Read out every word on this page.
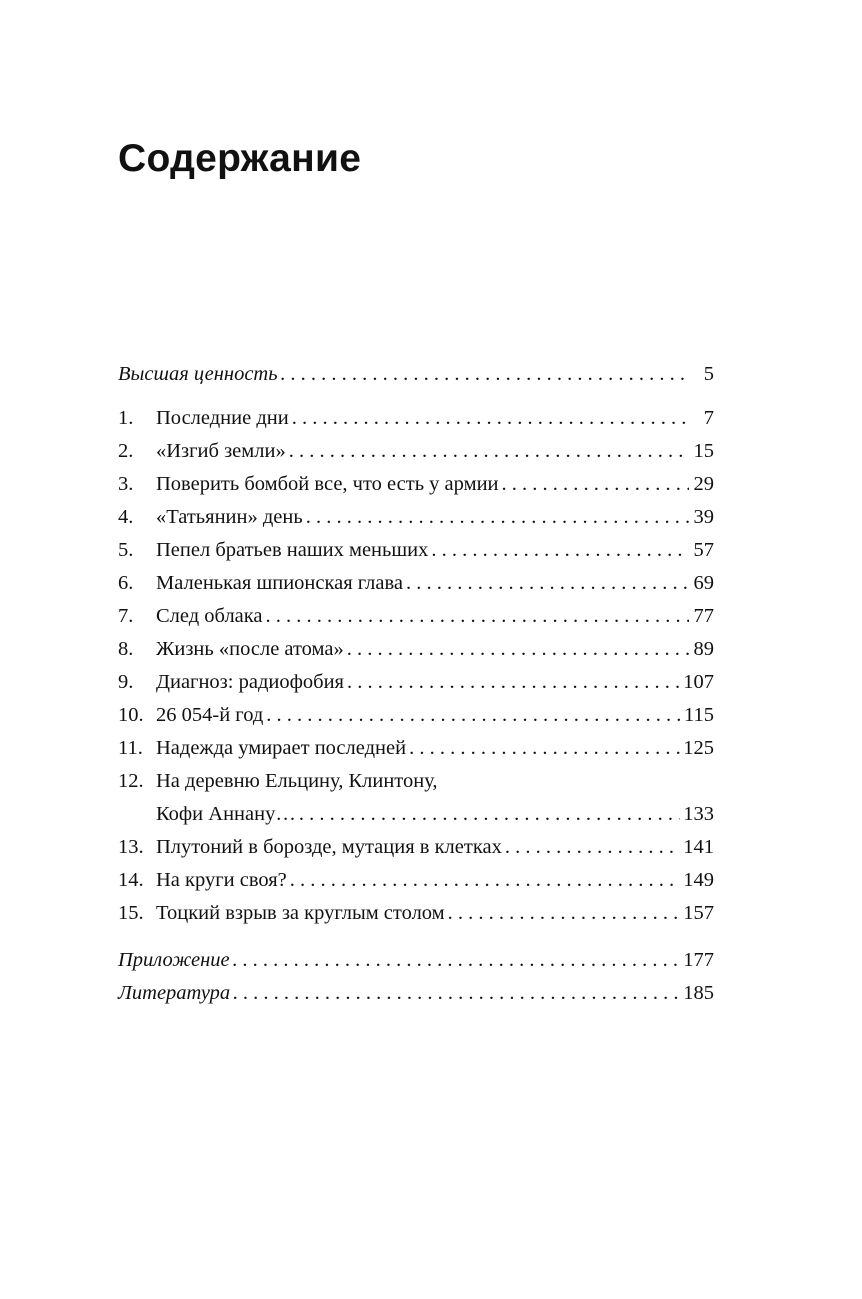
Содержание
Высшая ценность . . .	5
1.	Последние дни . . .	7
2.	«Изгиб земли» . . .	15
3.	Поверить бомбой все, что есть у армии . . .	29
4.	«Татьянин» день . . .	39
5.	Пепел братьев наших меньших . . .	57
6.	Маленькая шпионская глава . . .	69
7.	След облака . . .	77
8.	Жизнь «после атома» . . .	89
9.	Диагноз: радиофобия . . .	107
10. 26 054-й год . . .	115
11. Надежда умирает последней . . .	125
12. На деревню Ельцину, Клинтону,
Кофи Аннану… . . .	133
13. Плутоний в борозде, мутация в клетках . . .	141
14. На круги своя? . . .	149
15. Тоцкий взрыв за круглым столом . . .	157
Приложение . . .	177
Литература . . .	185
